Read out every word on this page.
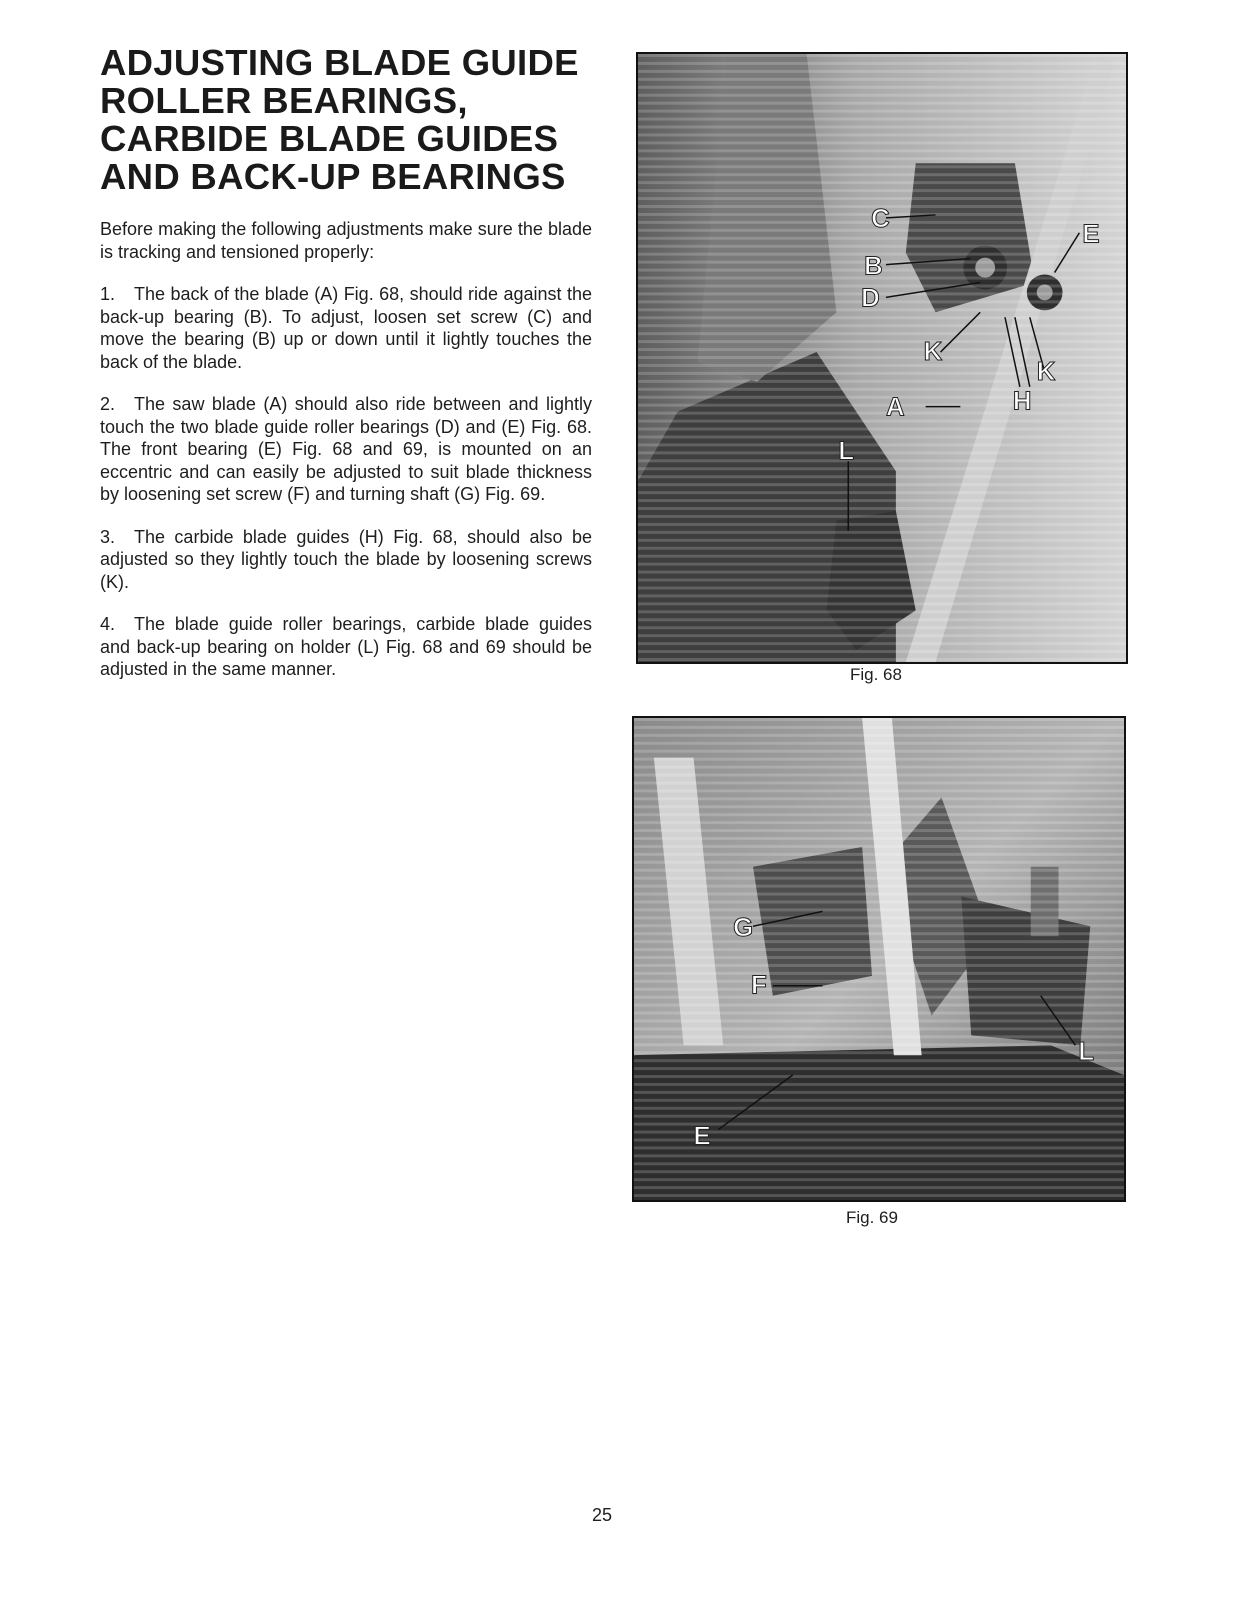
ADJUSTING BLADE GUIDE
ROLLER BEARINGS,
CARBIDE BLADE GUIDES
AND BACK-UP BEARINGS

Before making the following adjustments make sure the blade is tracking and tensioned properly:

1. The back of the blade (A) Fig. 68, should ride against the back-up bearing (B). To adjust, loosen set screw (C) and move the bearing (B) up or down until it lightly touches the back of the blade.

2. The saw blade (A) should also ride between and lightly touch the two blade guide roller bearings (D) and (E) Fig. 68. The front bearing (E) Fig. 68 and 69, is mounted on an eccentric and can easily be adjusted to suit blade thickness by loosening set screw (F) and turning shaft (G) Fig. 69.

3. The carbide blade guides (H) Fig. 68, should also be adjusted so they lightly touch the blade by loosening screws (K).

4. The blade guide roller bearings, carbide blade guides and back-up bearing on holder (L) Fig. 68 and 69 should be adjusted in the same manner.

C
B
D
E
K
K
H
A
L
Fig. 68
G
F
L
E
Fig. 69
25
